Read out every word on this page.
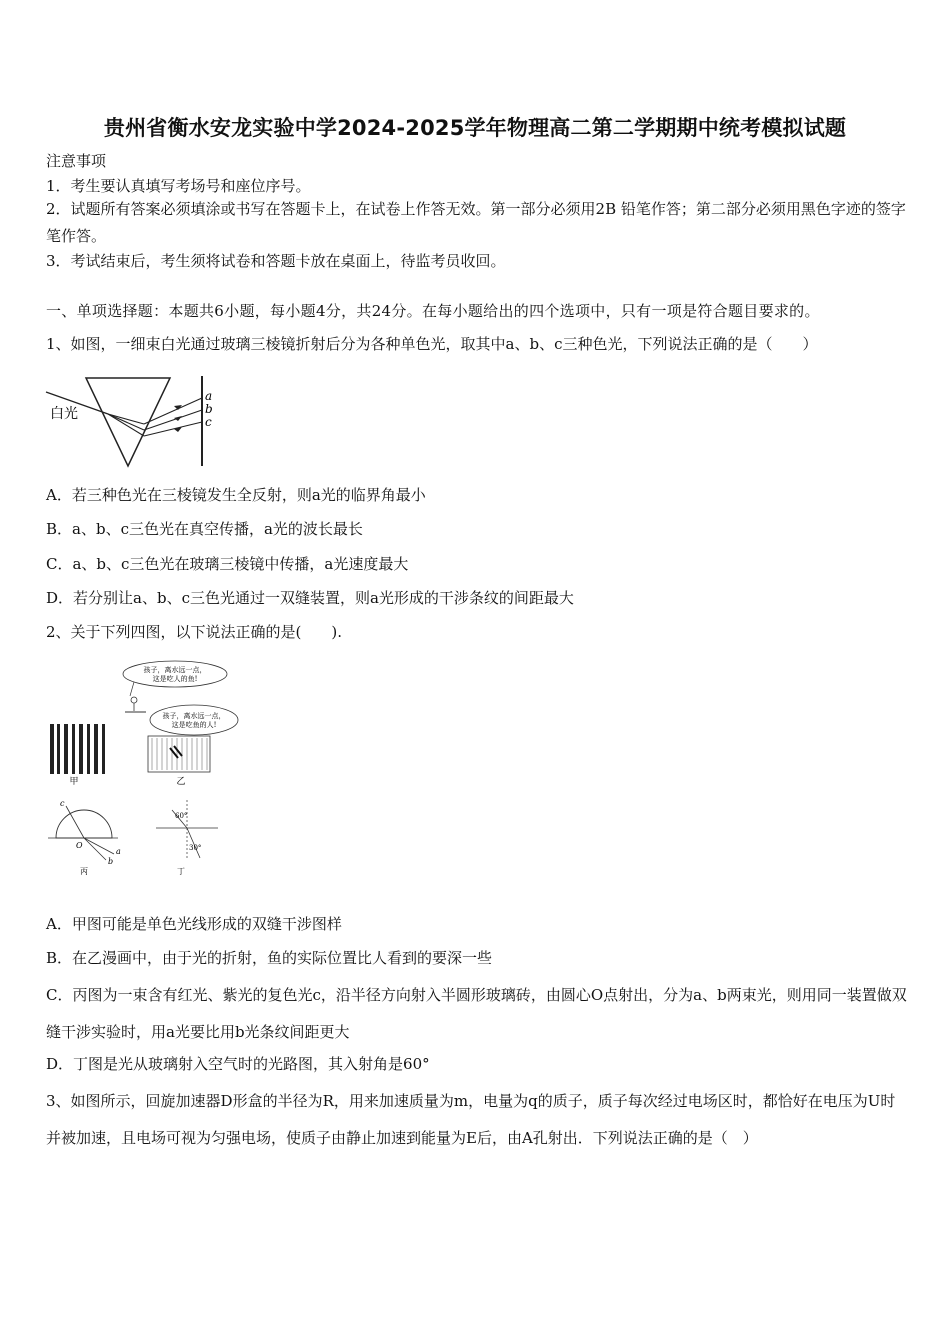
贵州省衡水安龙实验中学2024-2025学年物理高二第二学期期中统考模拟试题
注意事项
1．考生要认真填写考场号和座位序号。
2．试题所有答案必须填涂或书写在答题卡上，在试卷上作答无效。第一部分必须用2B 铅笔作答；第二部分必须用黑色字迹的签字笔作答。
3．考试结束后，考生须将试卷和答题卡放在桌面上，待监考员收回。
一、单项选择题：本题共6小题，每小题4分，共24分。在每小题给出的四个选项中，只有一项是符合题目要求的。
1、如图，一细束白光通过玻璃三棱镜折射后分为各种单色光，取其中a、b、c三种色光，下列说法正确的是（　　）
白光
a
b
c
A．若三种色光在三棱镜发生全反射，则a光的临界角最小
B．a、b、c三色光在真空传播，a光的波长最长
C．a、b、c三色光在玻璃三棱镜中传播，a光速度最大
D．若分别让a、b、c三色光通过一双缝装置，则a光形成的干涉条纹的间距最大
2、关于下列四图，以下说法正确的是(　　).
甲
孩子，离水远一点，
这是吃人的鱼!
孩子，离水远一点，
这是吃鱼的人!
乙
c
O
a
b
丙
60°
30°
丁
A．甲图可能是单色光线形成的双缝干涉图样
B．在乙漫画中，由于光的折射，鱼的实际位置比人看到的要深一些
C．丙图为一束含有红光、紫光的复色光c，沿半径方向射入半圆形玻璃砖，由圆心O点射出，分为a、b两束光，则用同一装置做双缝干涉实验时，用a光要比用b光条纹间距更大
D．丁图是光从玻璃射入空气时的光路图，其入射角是60°
3、如图所示，回旋加速器D形盒的半径为R，用来加速质量为m，电量为q的质子，质子每次经过电场区时，都恰好在电压为U时并被加速，且电场可视为匀强电场，使质子由静止加速到能量为E后，由A孔射出．下列说法正确的是（　）
